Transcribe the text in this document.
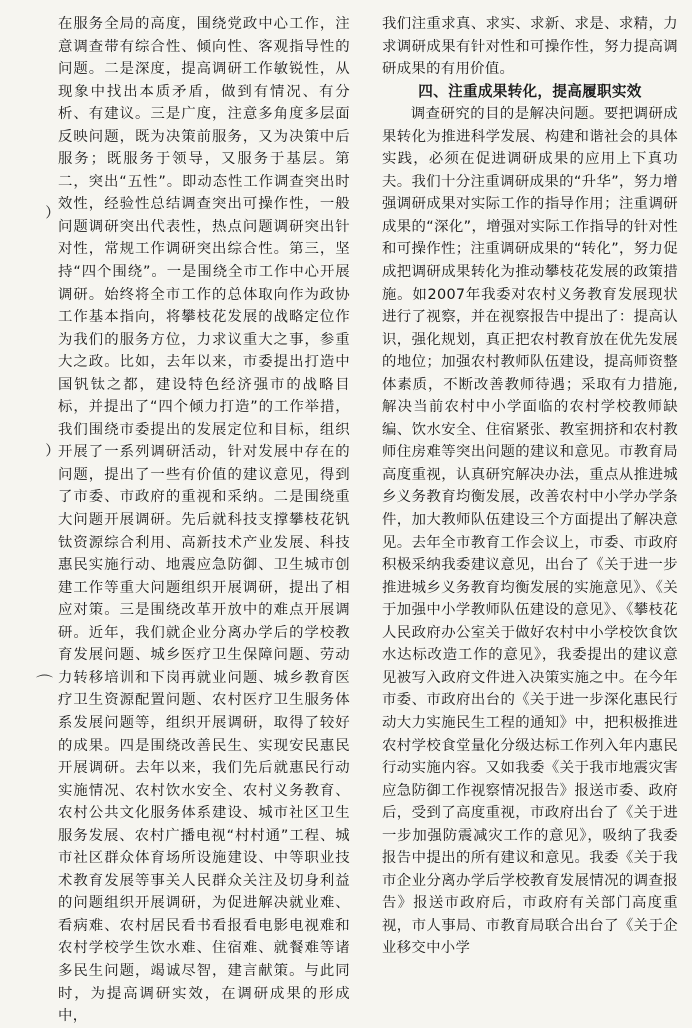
﹚
﹚
⌒

在服务全局的高度，围绕党政中心工作，注意调查带有综合性、倾向性、客观指导性的问题。二是深度，提高调研工作敏锐性，从现象中找出本质矛盾，做到有情况、有分析、有建议。三是广度，注意多角度多层面反映问题，既为决策前服务，又为决策中后服务；既服务于领导，又服务于基层。第二，突出“五性”。即动态性工作调查突出时效性，经验性总结调查突出可操作性，一般问题调研突出代表性，热点问题调研突出针对性，常规工作调研突出综合性。第三，坚持“四个围绕”。一是围绕全市工作中心开展调研。始终将全市工作的总体取向作为政协工作基本指向，将攀枝花发展的战略定位作为我们的服务方位，力求议重大之事，参重大之政。比如，去年以来，市委提出打造中国钒钛之都，建设特色经济强市的战略目标，并提出了“四个倾力打造”的工作举措，我们围绕市委提出的发展定位和目标，组织开展了一系列调研活动，针对发展中存在的问题，提出了一些有价值的建议意见，得到了市委、市政府的重视和采纳。二是围绕重大问题开展调研。先后就科技支撑攀枝花钒钛资源综合利用、高新技术产业发展、科技惠民实施行动、地震应急防御、卫生城市创建工作等重大问题组织开展调研，提出了相应对策。三是围绕改革开放中的难点开展调研。近年，我们就企业分离办学后的学校教育发展问题、城乡医疗卫生保障问题、劳动力转移培训和下岗再就业问题、城乡教育医疗卫生资源配置问题、农村医疗卫生服务体系发展问题等，组织开展调研，取得了较好的成果。四是围绕改善民生、实现安民惠民开展调研。去年以来，我们先后就惠民行动实施情况、农村饮水安全、农村义务教育、农村公共文化服务体系建设、城市社区卫生服务发展、农村广播电视“村村通”工程、城市社区群众体育场所设施建设、中等职业技术教育发展等事关人民群众关注及切身利益的问题组织开展调研，为促进解决就业难、看病难、农村居民看书看报看电影电视难和农村学校学生饮水难、住宿难、就餐难等诸多民生问题，竭诚尽智，建言献策。与此同时，为提高调研实效，在调研成果的形成中，

我们注重求真、求实、求新、求是、求精，力求调研成果有针对性和可操作性，努力提高调研成果的有用价值。

四、注重成果转化，提高履职实效

调查研究的目的是解决问题。要把调研成果转化为推进科学发展、构建和谐社会的具体实践，必须在促进调研成果的应用上下真功夫。我们十分注重调研成果的“升华”，努力增强调研成果对实际工作的指导作用；注重调研成果的“深化”，增强对实际工作指导的针对性和可操作性；注重调研成果的“转化”，努力促成把调研成果转化为推动攀枝花发展的政策措施。如2007年我委对农村义务教育发展现状进行了视察，并在视察报告中提出了：提高认识，强化规划，真正把农村教育放在优先发展的地位；加强农村教师队伍建设，提高师资整体素质，不断改善教师待遇；采取有力措施,解决当前农村中小学面临的农村学校教师缺编、饮水安全、住宿紧张、教室拥挤和农村教师住房难等突出问题的建议和意见。市教育局高度重视，认真研究解决办法，重点从推进城乡义务教育均衡发展，改善农村中小学办学条件，加大教师队伍建设三个方面提出了解决意见。去年全市教育工作会议上，市委、市政府积极采纳我委建议意见，出台了《关于进一步推进城乡义务教育均衡发展的实施意见》、《关于加强中小学教师队伍建设的意见》、《攀枝花人民政府办公室关于做好农村中小学校饮食饮水达标改造工作的意见》，我委提出的建议意见被写入政府文件进入决策实施之中。在今年市委、市政府出台的《关于进一步深化惠民行动大力实施民生工程的通知》中，把积极推进农村学校食堂量化分级达标工作列入年内惠民行动实施内容。又如我委《关于我市地震灾害应急防御工作视察情况报告》报送市委、政府后，受到了高度重视，市政府出台了《关于进一步加强防震减灾工作的意见》，吸纳了我委报告中提出的所有建议和意见。我委《关于我市企业分离办学后学校教育发展情况的调查报告》报送市政府后，市政府有关部门高度重视，市人事局、市教育局联合出台了《关于企业移交中小学
